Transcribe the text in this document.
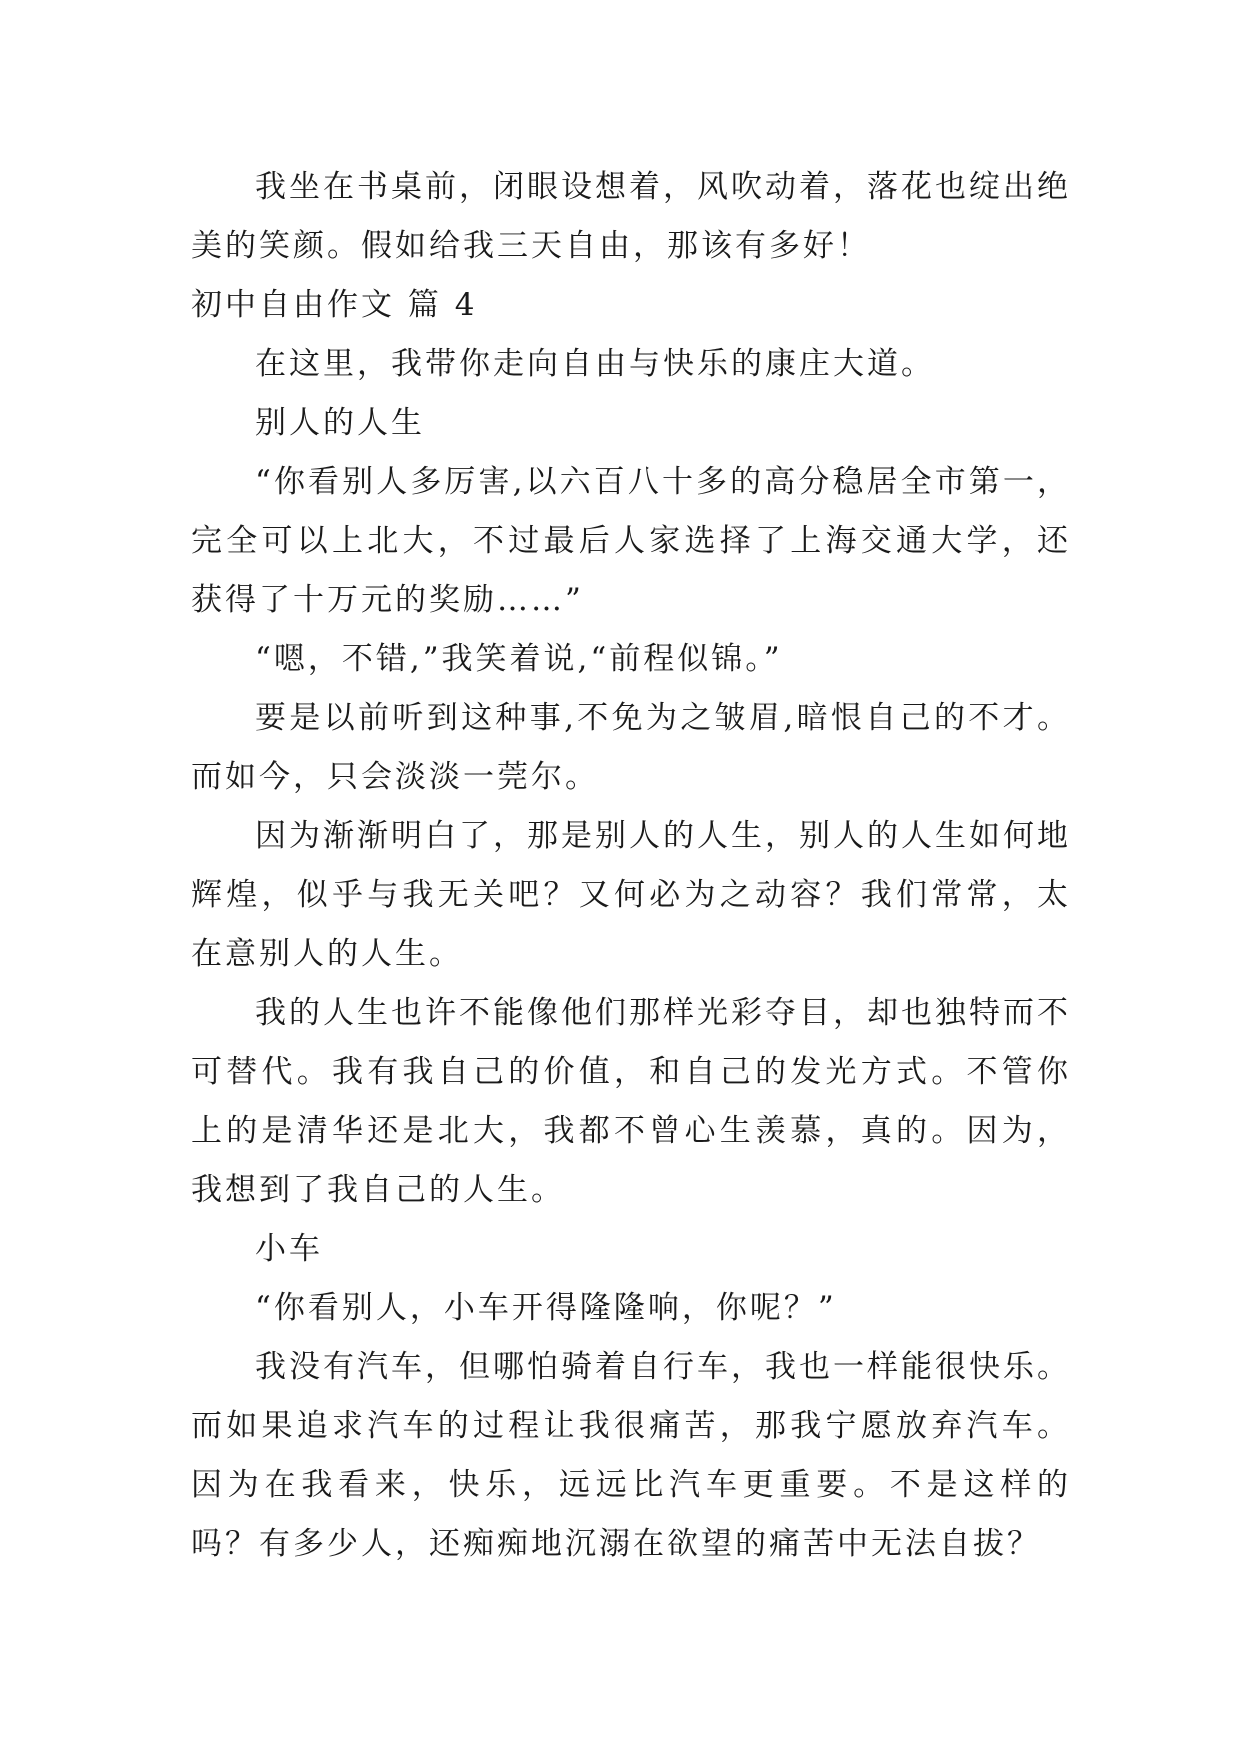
我坐在书桌前，闭眼设想着，风吹动着，落花也绽出绝美的笑颜。假如给我三天自由，那该有多好！

初中自由作文 篇 4

在这里，我带你走向自由与快乐的康庄大道。

别人的人生

“你看别人多厉害,以六百八十多的高分稳居全市第一，完全可以上北大，不过最后人家选择了上海交通大学，还获得了十万元的奖励……”

“嗯，不错,”我笑着说,“前程似锦。”

要是以前听到这种事,不免为之皱眉,暗恨自己的不才。而如今，只会淡淡一莞尔。

因为渐渐明白了，那是别人的人生，别人的人生如何地辉煌，似乎与我无关吧？又何必为之动容？我们常常，太在意别人的人生。

我的人生也许不能像他们那样光彩夺目，却也独特而不可替代。我有我自己的价值，和自己的发光方式。不管你上的是清华还是北大，我都不曾心生羡慕，真的。因为，我想到了我自己的人生。

小车

“你看别人，小车开得隆隆响，你呢？”

我没有汽车，但哪怕骑着自行车，我也一样能很快乐。而如果追求汽车的过程让我很痛苦，那我宁愿放弃汽车。因为在我看来，快乐，远远比汽车更重要。不是这样的吗？有多少人，还痴痴地沉溺在欲望的痛苦中无法自拔？
